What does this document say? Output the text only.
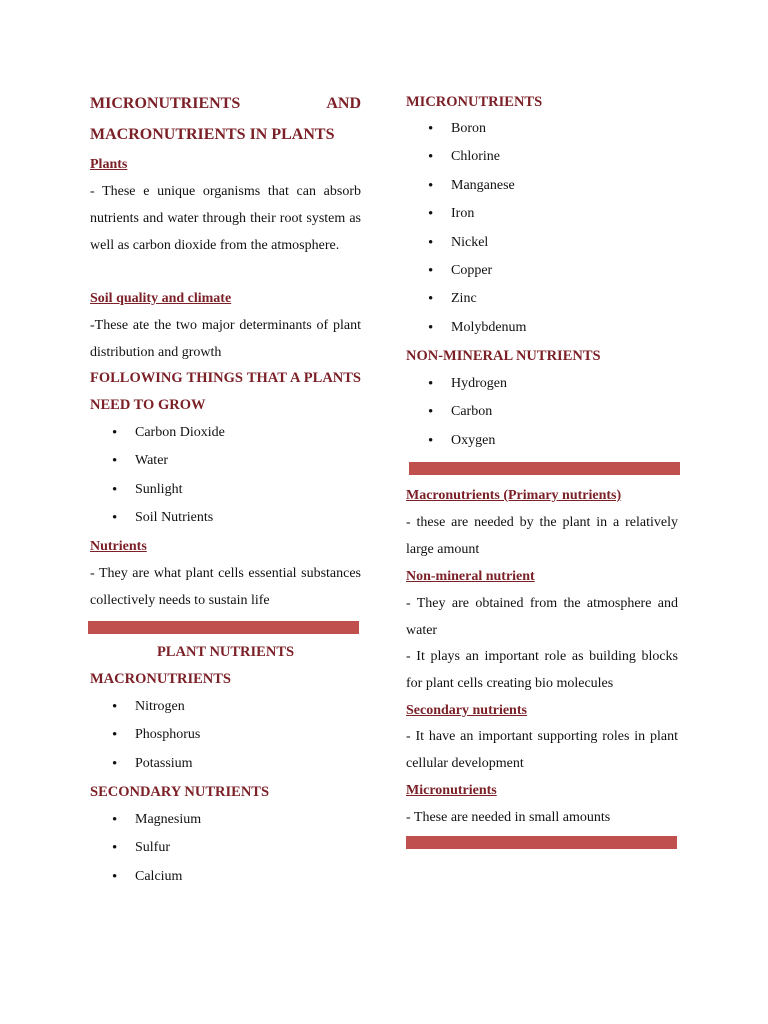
MICRONUTRIENTS AND MACRONUTRIENTS IN PLANTS
Plants

- These e unique organisms that can absorb nutrients and water through their root system as well as carbon dioxide from the atmosphere.

Soil quality and climate

-These ate the two major determinants of plant distribution and growth

FOLLOWING THINGS THAT A PLANTS NEED TO GROW
• Carbon Dioxide
• Water
• Sunlight
• Soil Nutrients
Nutrients

- They are what plant cells essential substances collectively needs to sustain life

PLANT NUTRIENTS
MACRONUTRIENTS
• Nitrogen
• Phosphorus
• Potassium
SECONDARY NUTRIENTS
• Magnesium
• Sulfur
• Calcium
MICRONUTRIENTS
• Boron
• Chlorine
• Manganese
• Iron
• Nickel
• Copper
• Zinc
• Molybdenum
NON-MINERAL NUTRIENTS
• Hydrogen
• Carbon
• Oxygen
Macronutrients (Primary nutrients)

- these are needed by the plant in a relatively large amount

Non-mineral nutrient

- They are obtained from the atmosphere and water

- It plays an important role as building blocks for plant cells creating bio molecules

Secondary nutrients

- It have an important supporting roles in plant cellular development

Micronutrients

- These are needed in small amounts
